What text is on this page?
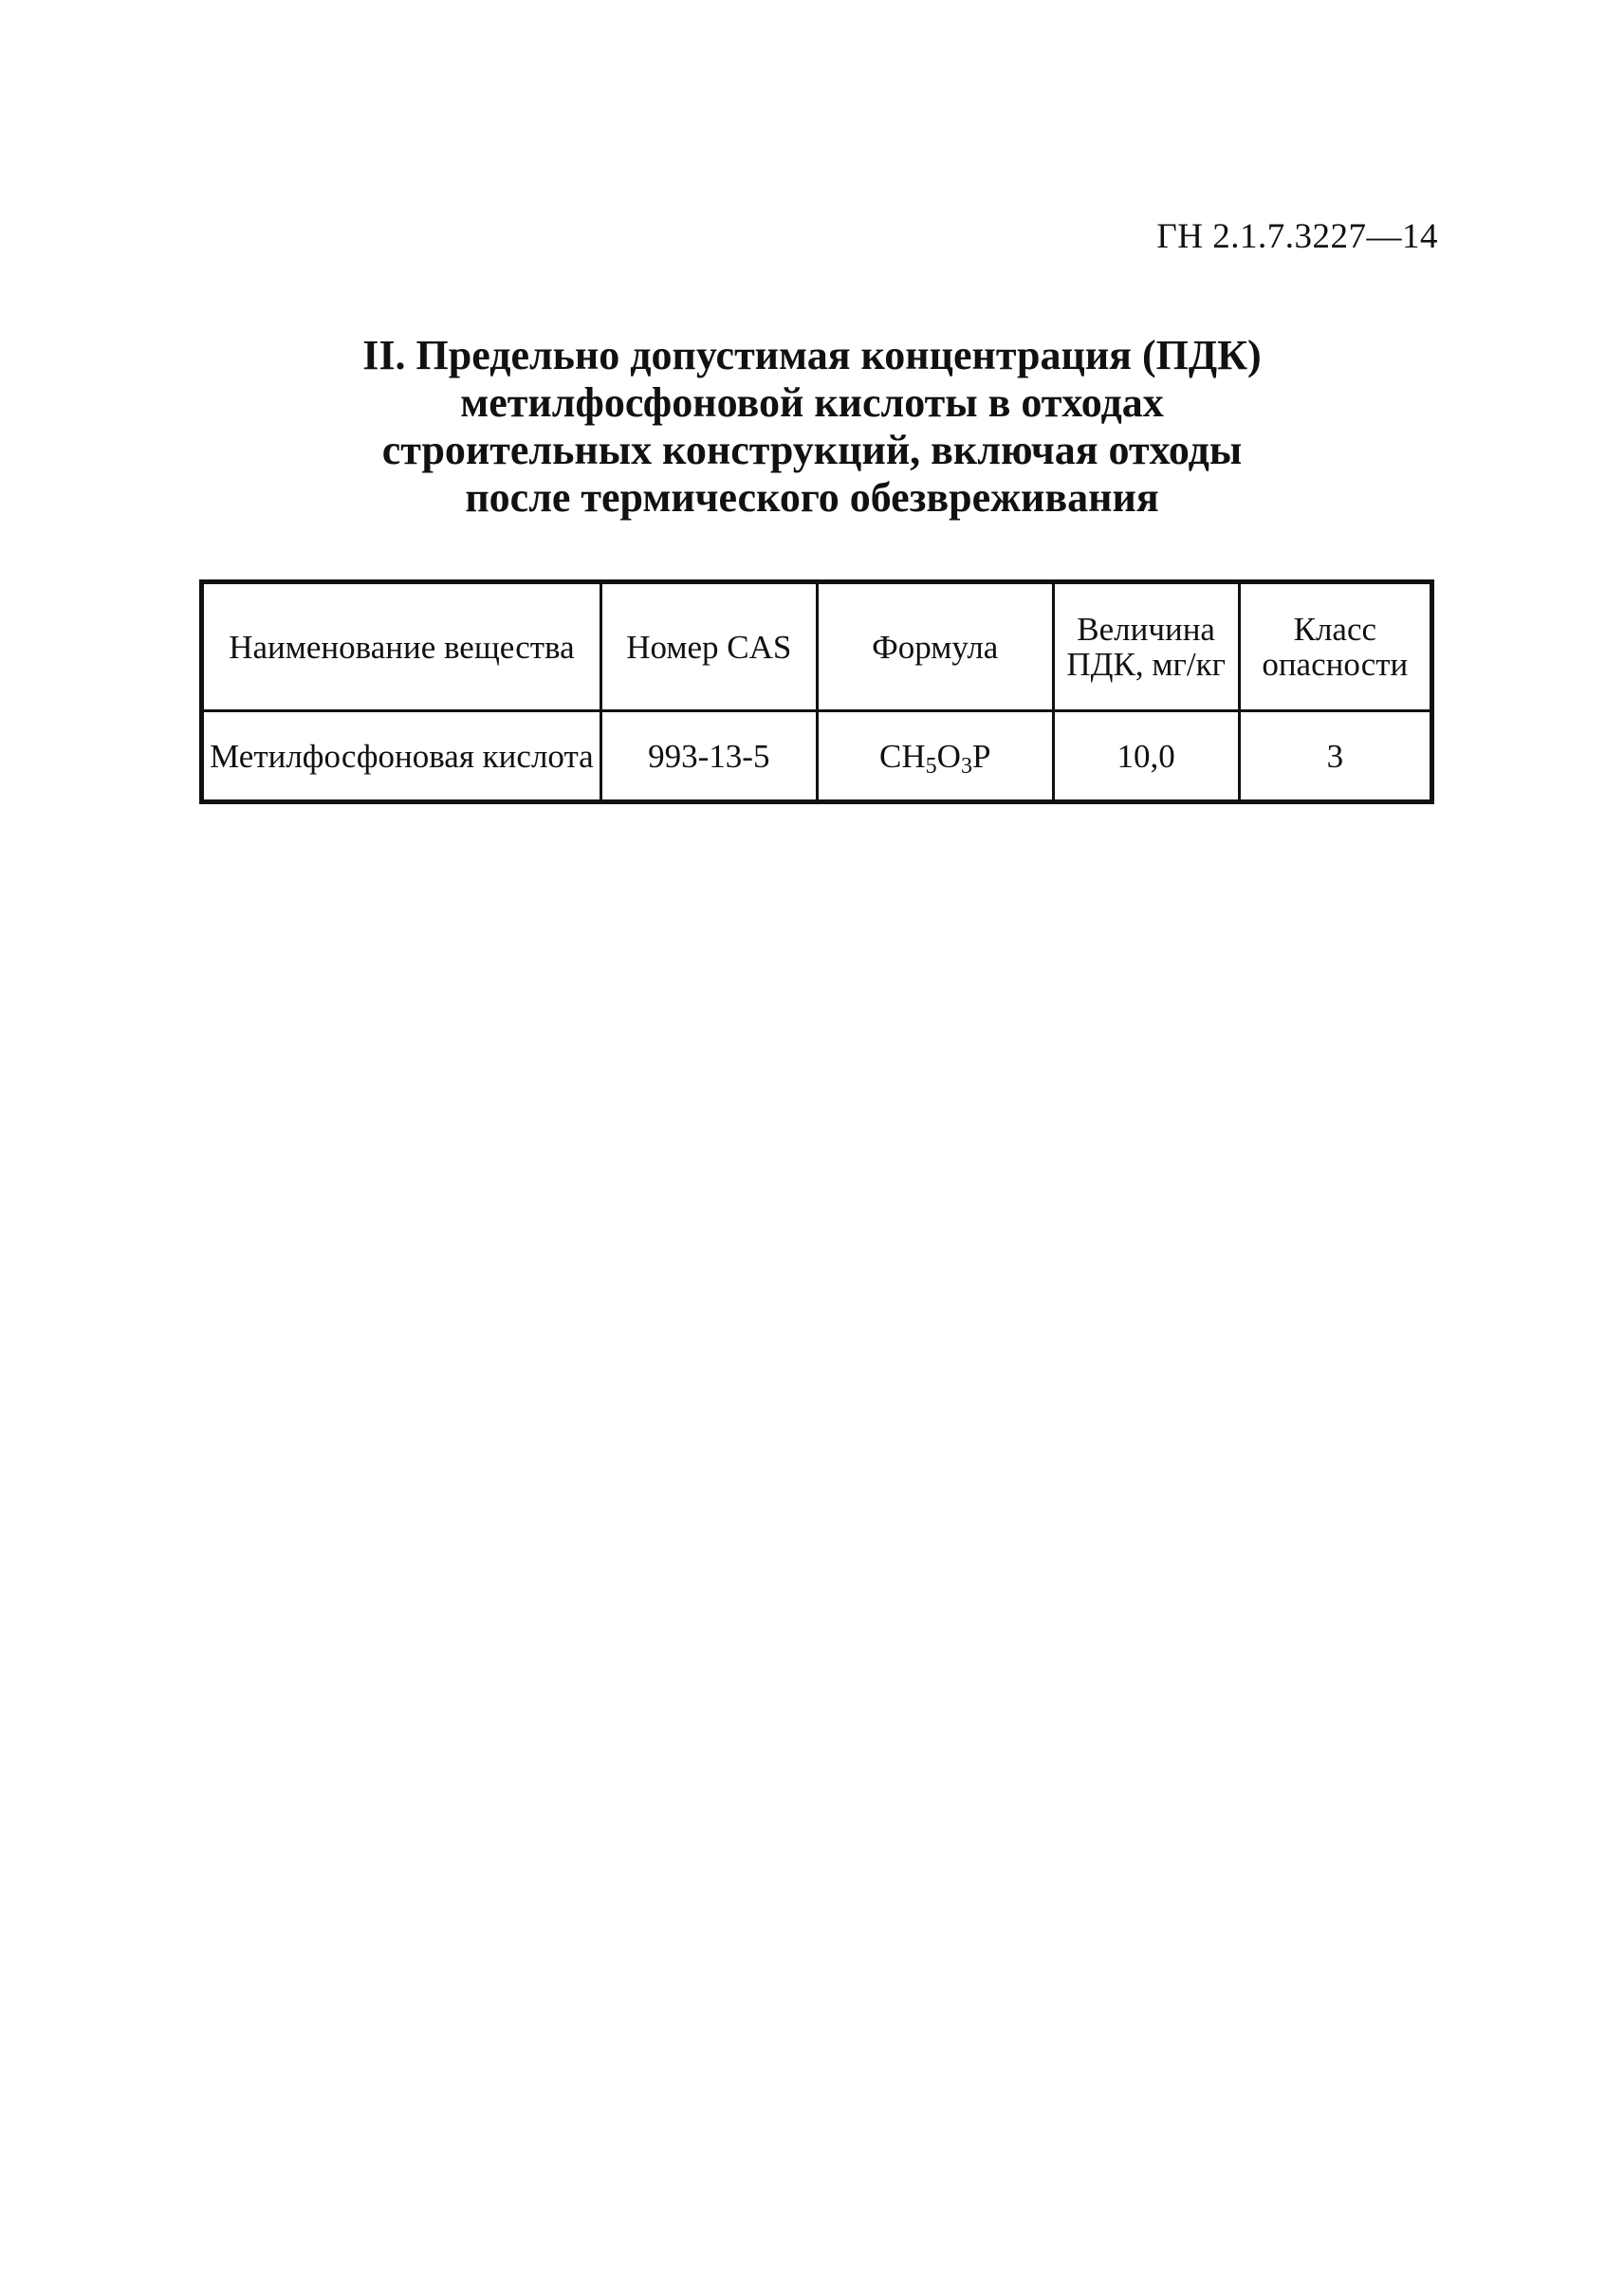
ГН 2.1.7.3227—14
II. Предельно допустимая концентрация (ПДК)
метилфосфоновой кислоты в отходах
строительных конструкций, включая отходы
после термического обезвреживания
Наименование вещества	Номер CAS	Формула	Величина ПДК, мг/кг	Класс опасности
Метилфосфоновая кислота	993-13-5	$CH_5O_3P$	10,0	3
